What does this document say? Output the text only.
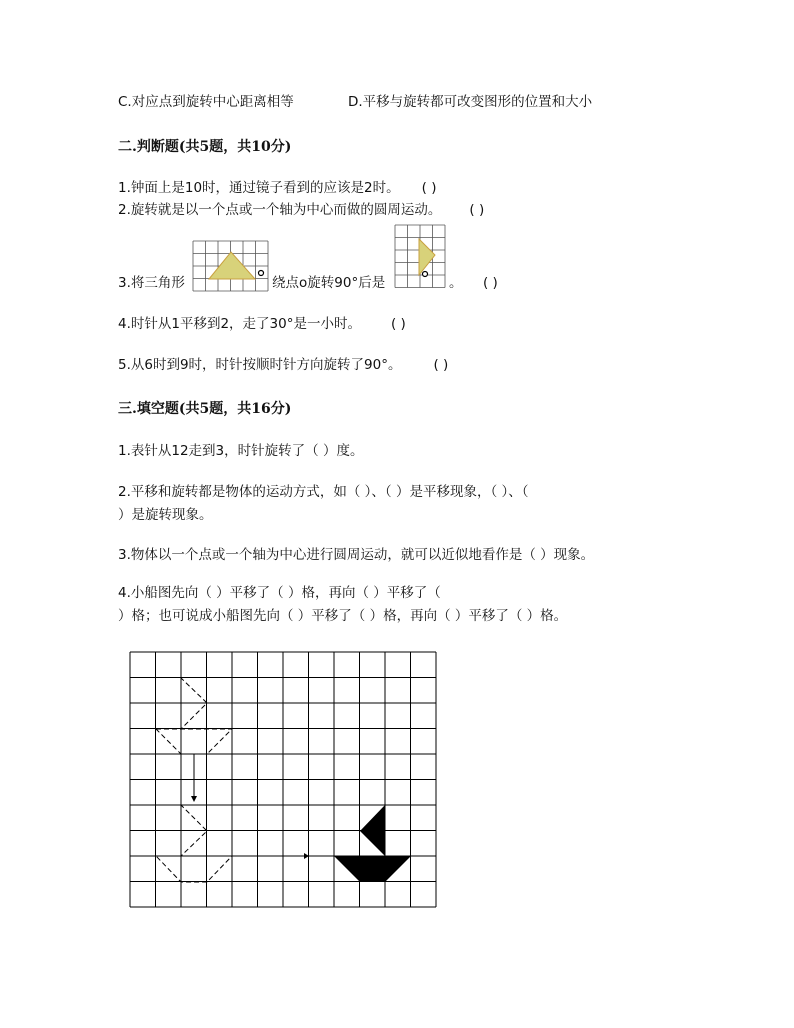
C.对应点到旋转中心距离相等	D.平移与旋转都可改变图形的位置和大小
二.判断题(共5题，共10分)
1.钟面上是10时，通过镜子看到的应该是2时。 ( )
2.旋转就是以一个点或一个轴为中心而做的圆周运动。 ( )
3.将三角形	绕点o旋转90°后是	。 ( )
4.时针从1平移到2，走了30°是一小时。 ( )
5.从6时到9时，时针按顺时针方向旋转了90°。 ( )
三.填空题(共5题，共16分)
1.表针从12走到3，时针旋转了（ ）度。
2.平移和旋转都是物体的运动方式，如（ ）、（ ）是平移现象，（ ）、（
）是旋转现象。
3.物体以一个点或一个轴为中心进行圆周运动，就可以近似地看作是（ ）现象。
4.小船图先向（ ）平移了（ ）格，再向（ ）平移了（
）格；也可说成小船图先向（ ）平移了（ ）格，再向（ ）平移了（ ）格。
